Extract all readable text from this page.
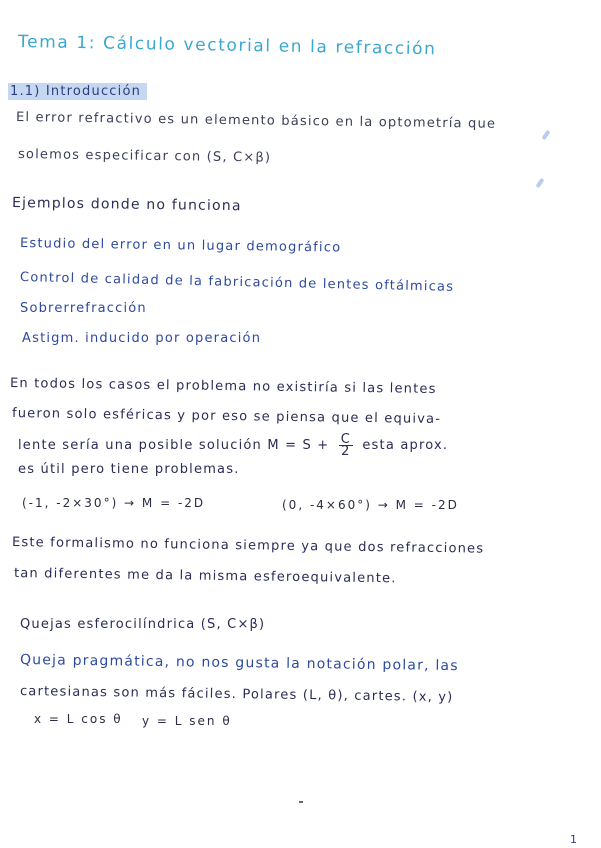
Tema 1: Cálculo vectorial en la refracción
1.1) Introducción
El error refractivo es un elemento básico en la optometría que
solemos especificar con (S, C×β)
Ejemplos donde no funciona
Estudio del error en un lugar demográfico
Control de calidad de la fabricación de lentes oftálmicas
Sobrerrefracción
Astigm. inducido por operación
En todos los casos el problema no existiría si las lentes
fueron solo esféricas y por eso se piensa que el equiva-
lente sería una posible solución $M = S + \frac{C}{2}$ esta aprox.
es útil pero tiene problemas.
(-1, -2×30°) → M = -2D	(0, -4×60°) → M = -2D
Este formalismo no funciona siempre ya que dos refracciones
tan diferentes me da la misma esferoequivalente.
Quejas esferocilíndrica (S, C×β)
Queja pragmática, no nos gusta la notación polar, las
cartesianas son más fáciles. Polares (L, θ), cartes. (x, y)
x = L cos θ y = L sen θ
1
